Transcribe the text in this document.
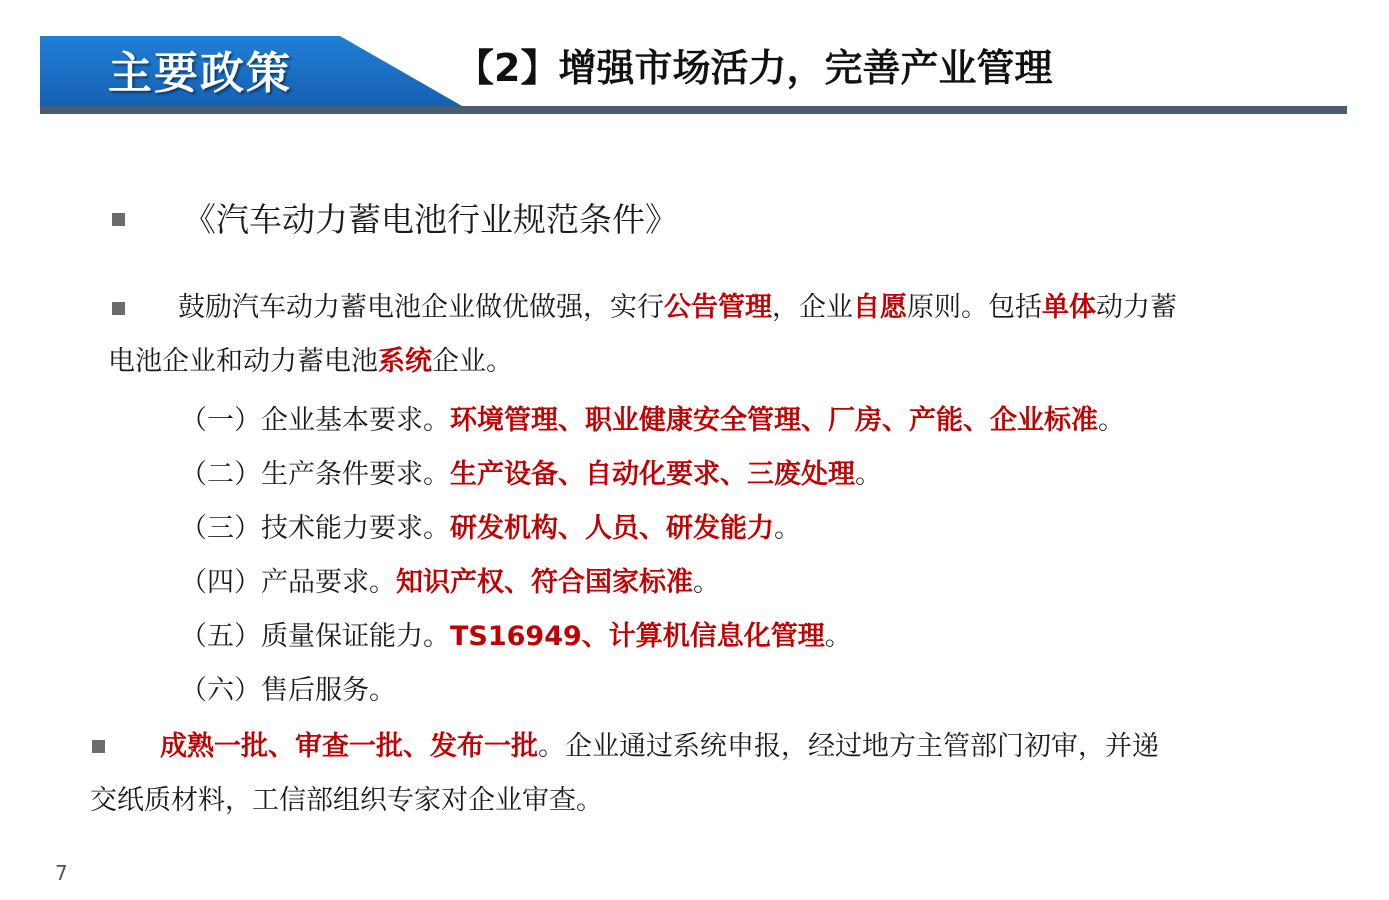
主要政策	【2】增强市场活力，完善产业管理
《汽车动力蓄电池行业规范条件》
鼓励汽车动力蓄电池企业做优做强，实行公告管理，企业自愿原则。包括单体动力蓄
电池企业和动力蓄电池系统企业。
（一）企业基本要求。环境管理、职业健康安全管理、厂房、产能、企业标准。
（二）生产条件要求。生产设备、自动化要求、三废处理。
（三）技术能力要求。研发机构、人员、研发能力。
（四）产品要求。知识产权、符合国家标准。
（五）质量保证能力。TS16949、计算机信息化管理。
（六）售后服务。
成熟一批、审查一批、发布一批。企业通过系统申报，经过地方主管部门初审，并递
交纸质材料，工信部组织专家对企业审查。
7
